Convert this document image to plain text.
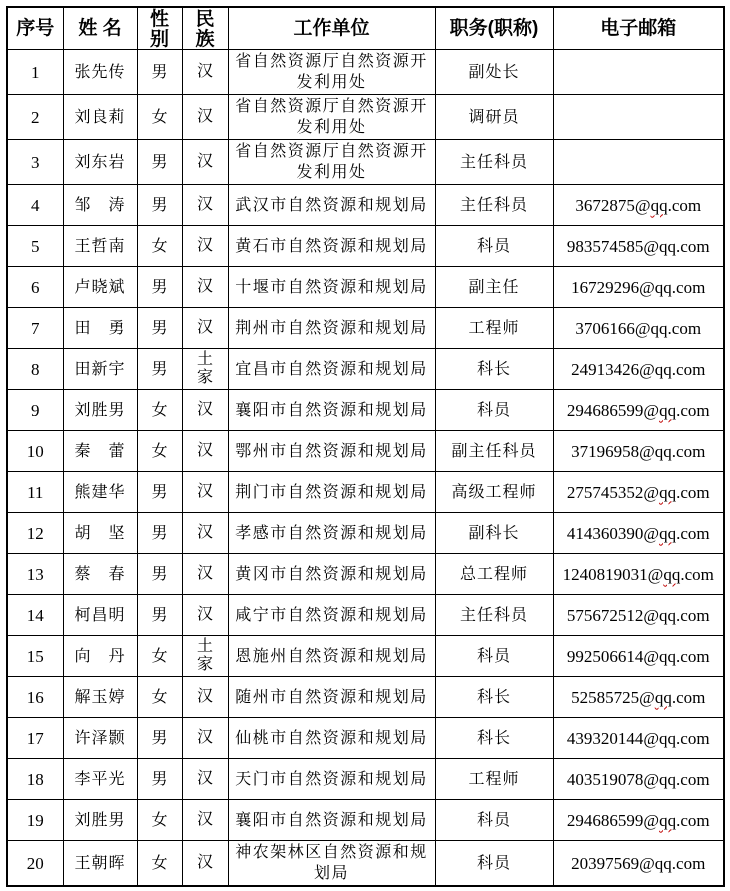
序号	姓 名	性别	民族	工作单位	职务(职称)	电子邮箱
1	张先传	男	汉	省自然资源厅自然资源开发利用处	副处长	
2	刘良莉	女	汉	省自然资源厅自然资源开发利用处	调研员	
3	刘东岩	男	汉	省自然资源厅自然资源开发利用处	主任科员	
4	邹　涛	男	汉	武汉市自然资源和规划局	主任科员	3672875@qq.com
5	王哲南	女	汉	黄石市自然资源和规划局	科员	983574585@qq.com
6	卢晓斌	男	汉	十堰市自然资源和规划局	副主任	16729296@qq.com
7	田　勇	男	汉	荆州市自然资源和规划局	工程师	3706166@qq.com
8	田新宇	男	土家	宜昌市自然资源和规划局	科长	24913426@qq.com
9	刘胜男	女	汉	襄阳市自然资源和规划局	科员	294686599@qq.com
10	秦　蕾	女	汉	鄂州市自然资源和规划局	副主任科员	37196958@qq.com
11	熊建华	男	汉	荆门市自然资源和规划局	高级工程师	275745352@qq.com
12	胡　坚	男	汉	孝感市自然资源和规划局	副科长	414360390@qq.com
13	蔡　春	男	汉	黄冈市自然资源和规划局	总工程师	1240819031@qq.com
14	柯昌明	男	汉	咸宁市自然资源和规划局	主任科员	575672512@qq.com
15	向　丹	女	土家	恩施州自然资源和规划局	科员	992506614@qq.com
16	解玉婷	女	汉	随州市自然资源和规划局	科长	52585725@qq.com
17	许泽颢	男	汉	仙桃市自然资源和规划局	科长	439320144@qq.com
18	李平光	男	汉	天门市自然资源和规划局	工程师	403519078@qq.com
19	刘胜男	女	汉	襄阳市自然资源和规划局	科员	294686599@qq.com
20	王朝晖	女	汉	神农架林区自然资源和规划局	科员	20397569@qq.com
